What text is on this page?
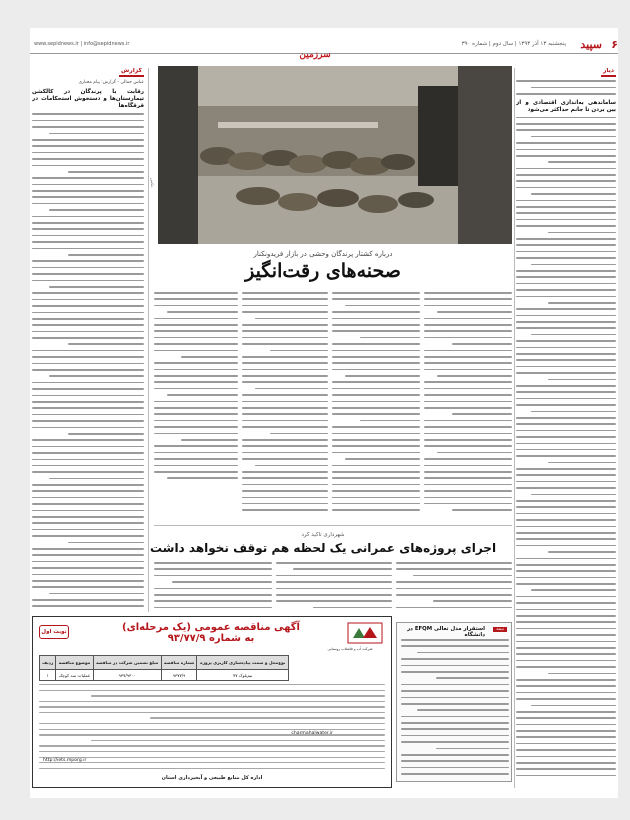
۶
سپید
پنجشنبه ۱۳ آذر ۱۳۹۳ | سال دوم | شماره ۳۹۰
www.sepidnews.ir | info@sepidnews.ir
سرزمین
دیار
ساماندهی به‌اندازی اقتصادی و از بین بردن تا جانم حداکثر می‌شود
گزارش
عباس جمالی - گزارش: پیام مختاری
رقابت با پرندگان در کالکشن تیمارستان‌ها و دستخوش استحکامات در قرقگاه‌ها
عکس
درباره کشتار پرندگان وحشی در بازار فریدونکنار
صحنه‌های رقت‌انگیز
شهرداری تاکید کرد
اجرای پروژه‌های عمرانی یک لحظه هم توقف نخواهد داشت
نوبت اول	آگهی مناقصه عمومی (یک مرحله‌ای)
به شماره ۹۳/۷۷/۹
شرکت آب و فاضلاب روستایی
نوع‌محل و سمت پیاده‌سازی کاربری پروژه	شماره مناقصه	مبلغ تضمین شرکت در مناقصه	موضوع مناقصه	ردیف
نیم‌بلوک ۷۷	۹۳۷۷/۹	۹۳۷/۹۳۰۰	عملیات سد کوچک	۱
charmahalwater.ir
http://iets.mporg.ir
اداره کل منابع طبیعی و آبخیزداری استان
نیمه
استقرار مدل تعالی EFQM در دانشگاه
